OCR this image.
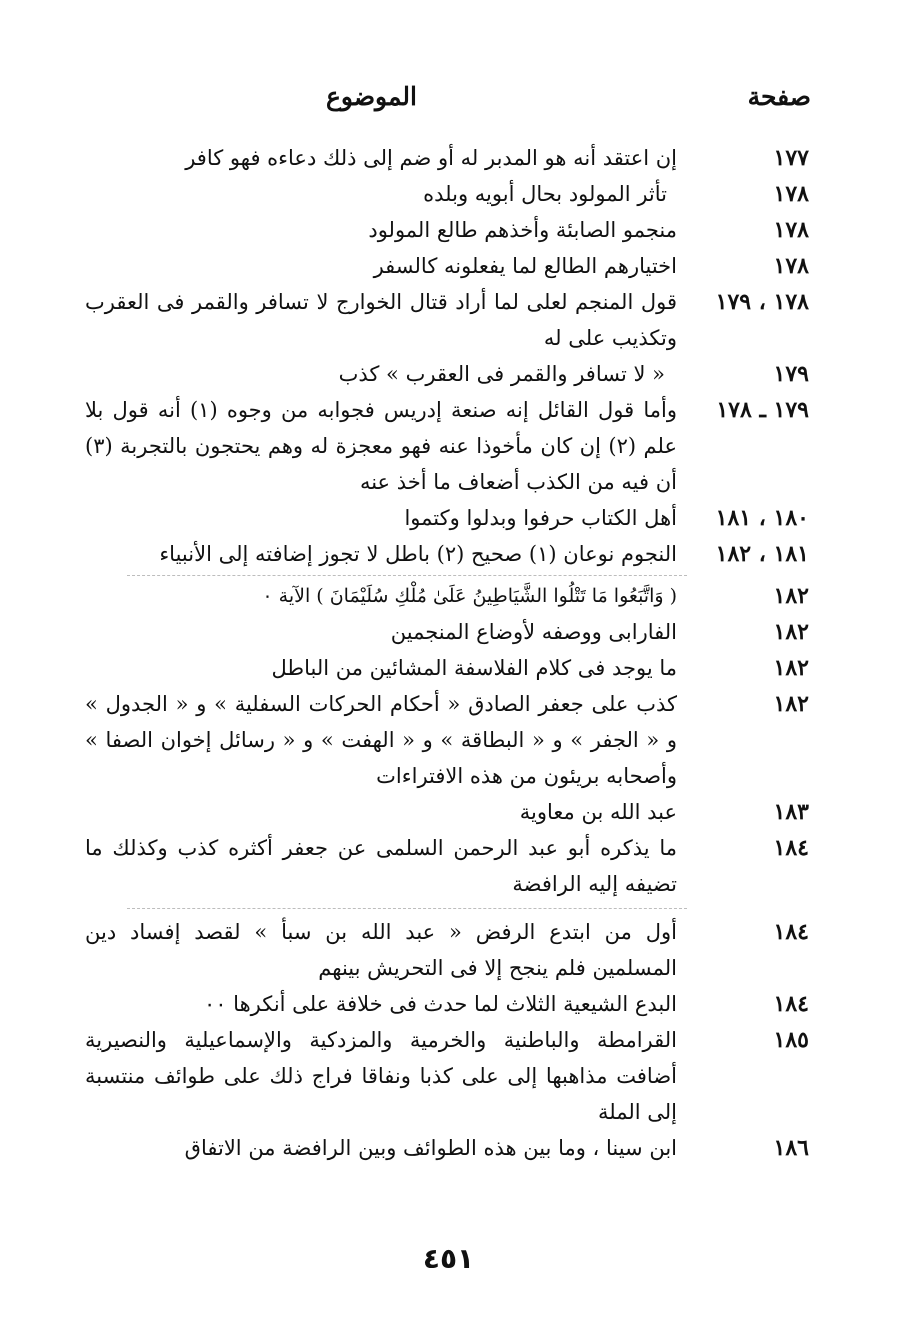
صفحة
الموضوع
١٧٧
إن اعتقد أنه هو المدبر له أو ضم إلى ذلك دعاءه فهو كافر
١٧٨
تأثر المولود بحال أبويه وبلده
١٧٨
منجمو الصابئة وأخذهم طالع المولود
١٧٨
اختيارهم الطالع لما يفعلونه كالسفر
١٧٨ ، ١٧٩
قول المنجم لعلى لما أراد قتال الخوارج لا تسافر والقمر فى العقرب وتكذيب على له
١٧٩
« لا تسافر والقمر فى العقرب » كذب
١٧٩ ـ ١٧٨
وأما قول القائل إنه صنعة إدريس فجوابه من وجوه (١) أنه قول بلا علم (٢) إن كان مأخوذا عنه فهو معجزة له وهم يحتجون بالتجربة (٣) أن فيه من الكذب أضعاف ما أخذ عنه
١٨٠ ، ١٨١
أهل الكتاب حرفوا وبدلوا وكتموا
١٨١ ، ١٨٢
النجوم نوعان (١) صحيح (٢) باطل لا تجوز إضافته إلى الأنبياء
١٨٢
( وَاتَّبَعُوا مَا تَتْلُوا الشَّيَاطِينُ عَلَىٰ مُلْكِ سُلَيْمَانَ ) الآية ٠
١٨٢
الفارابى ووصفه لأوضاع المنجمين
١٨٢
ما يوجد فى كلام الفلاسفة المشائين من الباطل
١٨٢
كذب على جعفر الصادق « أحكام الحركات السفلية » و « الجدول » و « الجفر » و « البطاقة » و « الهفت » و « رسائل إخوان الصفا » وأصحابه بريئون من هذه الافتراءات
١٨٣
عبد الله بن معاوية
١٨٤
ما يذكره أبو عبد الرحمن السلمى عن جعفر أكثره كذب وكذلك ما تضيفه إليه الرافضة
١٨٤
أول من ابتدع الرفض « عبد الله بن سبأ » لقصد إفساد دين المسلمين فلم ينجح إلا فى التحريش بينهم
١٨٤
البدع الشيعية الثلاث لما حدث فى خلافة على أنكرها ٠٠
١٨٥
القرامطة والباطنية والخرمية والمزدكية والإسماعيلية والنصيرية أضافت مذاهبها إلى على كذبا ونفاقا فراج ذلك على طوائف منتسبة إلى الملة
١٨٦
ابن سينا ، وما بين هذه الطوائف وبين الرافضة من الاتفاق
٤٥١
